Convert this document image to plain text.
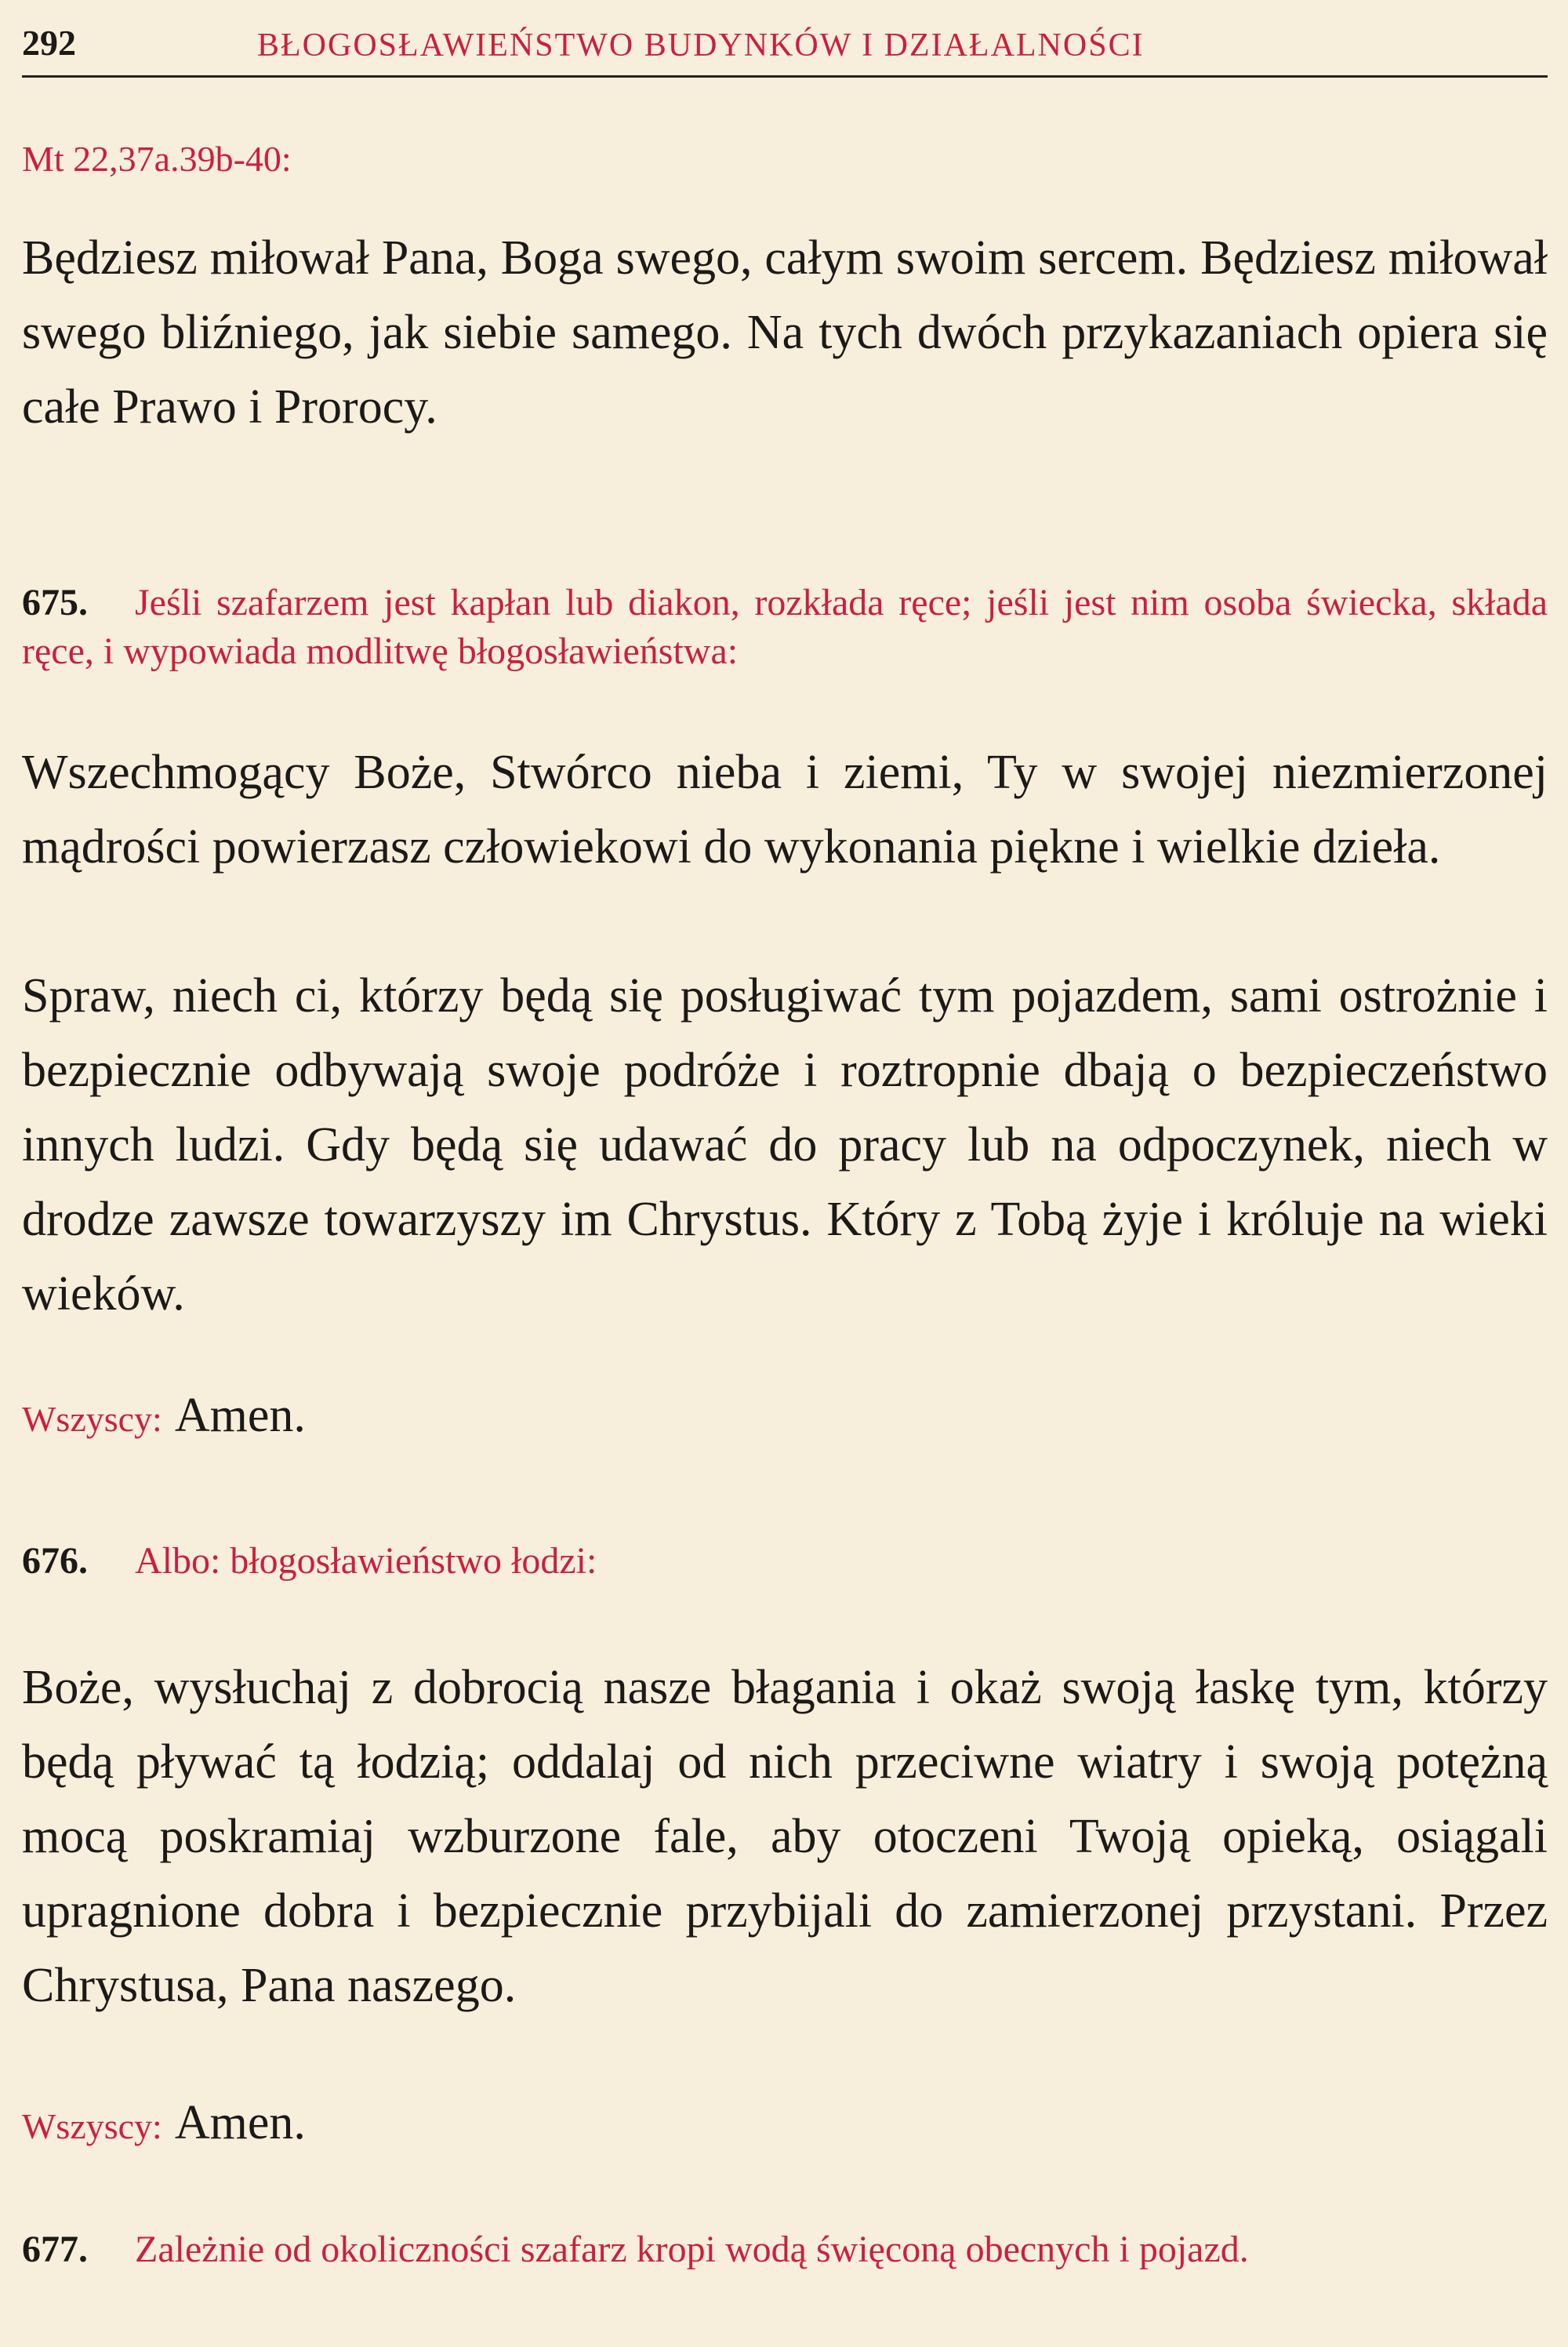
292	BŁOGOSŁAWIEŃSTWO BUDYNKÓW I DZIAŁALNOŚCI
Mt 22,37a.39b-40:
Będziesz miłował Pana, Boga swego, całym swoim sercem. Będziesz miłował swego bliźniego, jak siebie samego. Na tych dwóch przykazaniach opiera się całe Prawo i Prorocy.
675. Jeśli szafarzem jest kapłan lub diakon, rozkłada ręce; jeśli jest nim osoba świecka, składa ręce, i wypowiada modlitwę błogosławieństwa:
Wszechmogący Boże, Stwórco nieba i ziemi, Ty w swojej niezmierzonej mądrości powierzasz człowiekowi do wykonania piękne i wielkie dzieła.
Spraw, niech ci, którzy będą się posługiwać tym pojazdem, sami ostrożnie i bezpiecznie odbywają swoje podróże i roztropnie dbają o bezpieczeństwo innych ludzi. Gdy będą się udawać do pracy lub na odpoczynek, niech w drodze zawsze towarzyszy im Chrystus. Który z Tobą żyje i króluje na wieki wieków.
Wszyscy: Amen.
676. Albo: błogosławieństwo łodzi:
Boże, wysłuchaj z dobrocią nasze błagania i okaż swoją łaskę tym, którzy będą pływać tą łodzią; oddalaj od nich przeciwne wiatry i swoją potężną mocą poskramiaj wzburzone fale, aby otoczeni Twoją opieką, osiągali upragnione dobra i bezpiecznie przybijali do zamierzonej przystani. Przez Chrystusa, Pana naszego.
Wszyscy: Amen.
677. Zależnie od okoliczności szafarz kropi wodą święconą obecnych i pojazd.
